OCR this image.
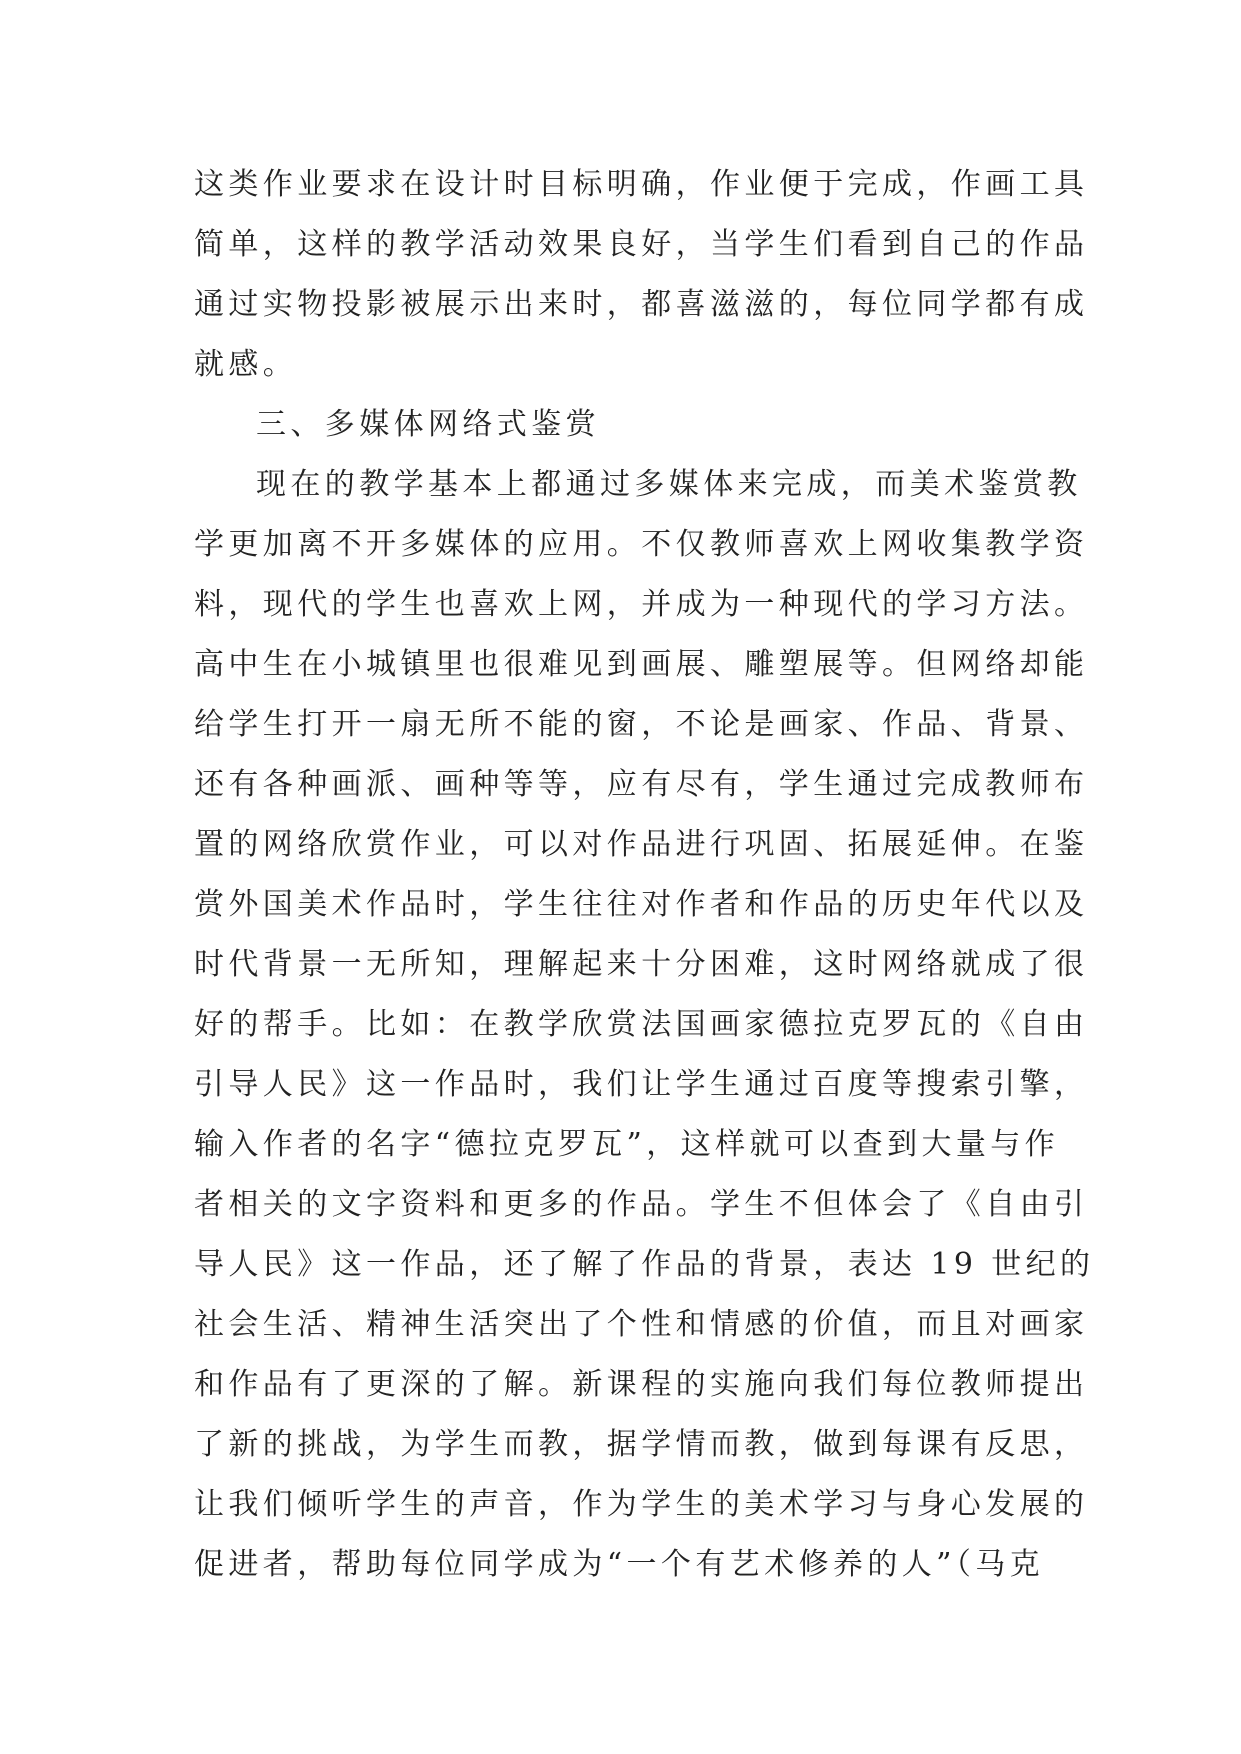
这类作业要求在设计时目标明确，作业便于完成，作画工具
简单，这样的教学活动效果良好，当学生们看到自己的作品
通过实物投影被展示出来时，都喜滋滋的，每位同学都有成
就感。
三、多媒体网络式鉴赏
现在的教学基本上都通过多媒体来完成，而美术鉴赏教
学更加离不开多媒体的应用。不仅教师喜欢上网收集教学资
料，现代的学生也喜欢上网，并成为一种现代的学习方法。
高中生在小城镇里也很难见到画展、雕塑展等。但网络却能
给学生打开一扇无所不能的窗，不论是画家、作品、背景、
还有各种画派、画种等等，应有尽有，学生通过完成教师布
置的网络欣赏作业，可以对作品进行巩固、拓展延伸。在鉴
赏外国美术作品时，学生往往对作者和作品的历史年代以及
时代背景一无所知，理解起来十分困难，这时网络就成了很
好的帮手。比如：在教学欣赏法国画家德拉克罗瓦的《自由
引导人民》这一作品时，我们让学生通过百度等搜索引擎，
输入作者的名字“德拉克罗瓦”，这样就可以查到大量与作
者相关的文字资料和更多的作品。学生不但体会了《自由引
导人民》这一作品，还了解了作品的背景，表达 19 世纪的
社会生活、精神生活突出了个性和情感的价值，而且对画家
和作品有了更深的了解。新课程的实施向我们每位教师提出
了新的挑战，为学生而教，据学情而教，做到每课有反思，
让我们倾听学生的声音，作为学生的美术学习与身心发展的
促进者，帮助每位同学成为“一个有艺术修养的人”（马克
